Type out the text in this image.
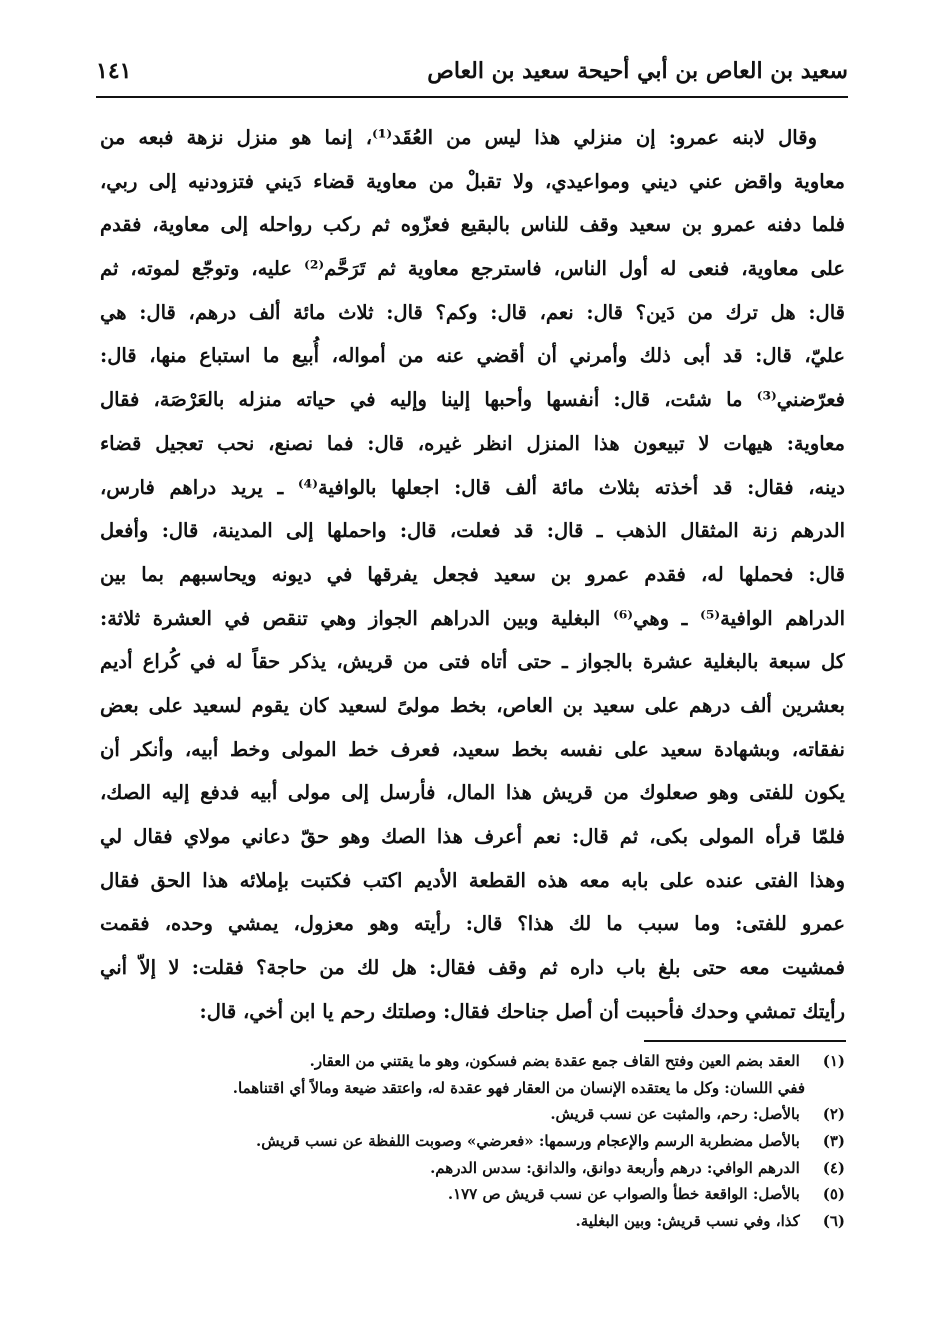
سعيد بن العاص بن أبي أحيحة سعيد بن العاص
١٤١
وقال لابنه عمرو: إن منزلي هذا ليس من العُقَد⁽¹⁾، إنما هو منزل نزهة فبعه من
معاوية واقض عني ديني ومواعيدي، ولا تقبلْ من معاوية قضاء دَيني فتزودنيه إلى ربي،
فلما دفنه عمرو بن سعيد وقف للناس بالبقيع فعزّوه ثم ركب رواحله إلى معاوية، فقدم
على معاوية، فنعى له أول الناس، فاسترجع معاوية ثم تَرَحَّم⁽²⁾ عليه، وتوجّع لموته، ثم
قال: هل ترك من دَين؟ قال: نعم، قال: وكم؟ قال: ثلاث مائة ألف درهم، قال: هي
عليّ، قال: قد أبى ذلك وأمرني أن أقضي عنه من أمواله، أُبيع ما استباع منها، قال:
فعرّضني⁽³⁾ ما شئت، قال: أنفسها وأحبها إلينا وإليه في حياته منزله بالعَرْصَة، فقال
معاوية: هيهات لا تبيعون هذا المنزل انظر غيره، قال: فما نصنع، نحب تعجيل قضاء
دينه، فقال: قد أخذته بثلاث مائة ألف قال: اجعلها بالوافية⁽⁴⁾ ـ يريد دراهم فارس،
الدرهم زنة المثقال الذهب ـ قال: قد فعلت، قال: واحملها إلى المدينة، قال: وأفعل
قال: فحملها له، فقدم عمرو بن سعيد فجعل يفرقها في ديونه ويحاسبهم بما بين
الدراهم الوافية⁽⁵⁾ ـ وهي⁽⁶⁾ البغلية وبين الدراهم الجواز وهي تنقص في العشرة ثلاثة:
كل سبعة بالبغلية عشرة بالجواز ـ حتى أتاه فتى من قريش، يذكر حقاً له في كُراع أديم
بعشرين ألف درهم على سعيد بن العاص، بخط مولىً لسعيد كان يقوم لسعيد على بعض
نفقاته، وبشهادة سعيد على نفسه بخط سعيد، فعرف خط المولى وخط أبيه، وأنكر أن
يكون للفتى وهو صعلوك من قريش هذا المال، فأرسل إلى مولى أبيه فدفع إليه الصك،
فلمّا قرأه المولى بكى، ثم قال: نعم أعرف هذا الصك وهو حقّ دعاني مولاي فقال لي
وهذا الفتى عنده على بابه معه هذه القطعة الأديم اكتب فكتبت بإملائه هذا الحق فقال
عمرو للفتى: وما سبب ما لك هذا؟ قال: رأيته وهو معزول، يمشي وحده، فقمت
فمشيت معه حتى بلغ باب داره ثم وقف فقال: هل لك من حاجة؟ فقلت: لا إلاّ أني
رأيتك تمشي وحدك فأحببت أن أصل جناحك فقال: وصلتك رحم يا ابن أخي، قال:
(١) العقد بضم العين وفتح القاف جمع عقدة بضم فسكون، وهو ما يقتني من العقار.
ففي اللسان: وكل ما يعتقده الإنسان من العقار فهو عقدة له، واعتقد ضيعة ومالاً أي اقتناهما.
(٢) بالأصل: رحم، والمثبت عن نسب قريش.
(٣) بالأصل مضطربة الرسم والإعجام ورسمها: «فعرضي» وصوبت اللفظة عن نسب قريش.
(٤) الدرهم الوافي: درهم وأربعة دوانق، والدانق: سدس الدرهم.
(٥) بالأصل: الواقعة خطأ والصواب عن نسب قريش ص ١٧٧.
(٦) كذا، وفي نسب قريش: وبين البغلية.
